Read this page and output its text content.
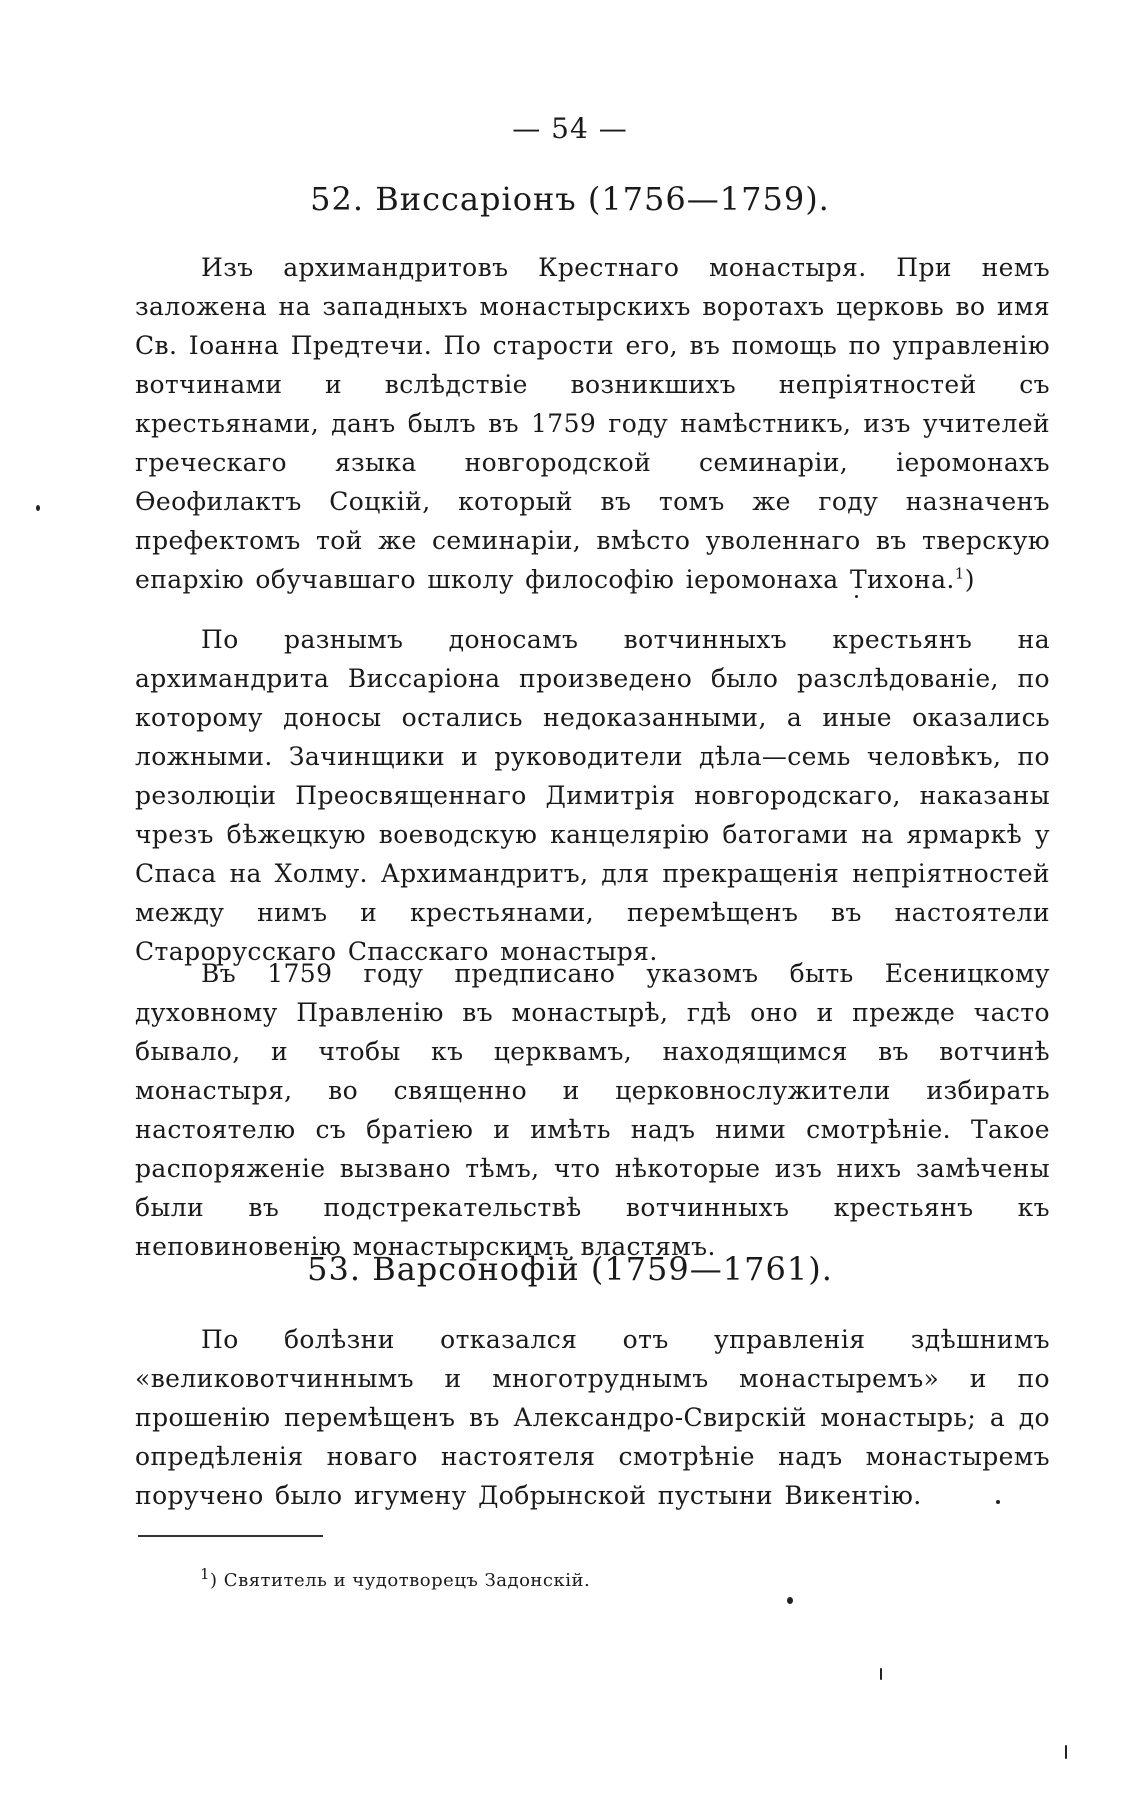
— 54 —
52. Виссаріонъ (1756—1759).

Изъ архимандритовъ Крестнаго монастыря. При немъ заложена на западныхъ монастырскихъ воротахъ церковь во имя Св. Іоанна Предтечи. По старости его, въ помощь по управленію вотчинами и вслѣдствіе возникшихъ непріятностей съ крестьянами, данъ былъ въ 1759 году намѣстникъ, изъ учителей греческаго языка новгородской семинаріи, іеромонахъ Ѳеофилактъ Соцкій, который въ томъ же году назначенъ префектомъ той же семинаріи, вмѣсто уволеннаго въ тверскую епархію обучавшаго школу философію іеромонаха Тихона.$^1$)

По разнымъ доносамъ вотчинныхъ крестьянъ на архимандрита Виссаріона произведено было разслѣдованіе, по которому доносы остались недоказанными, а иные оказались ложными. Зачинщики и руководители дѣла—семь человѣкъ, по резолюціи Преосвященнаго Димитрія новгородскаго, наказаны чрезъ бѣжецкую воеводскую канцелярію батогами на ярмаркѣ у Спаса на Холму. Архимандритъ, для прекращенія непріятностей между нимъ и крестьянами, перемѣщенъ въ настоятели Старорусскаго Спасскаго монастыря.

Въ 1759 году предписано указомъ быть Есеницкому духовному Правленію въ монастырѣ, гдѣ оно и прежде часто бывало, и чтобы къ церквамъ, находящимся въ вотчинѣ монастыря, во священно и церковнослужители избирать настоятелю съ братіею и имѣть надъ ними смотрѣніе. Такое распоряженіе вызвано тѣмъ, что нѣкоторые изъ нихъ замѣчены были въ подстрекательствѣ вотчинныхъ крестьянъ къ неповиновенію монастырскимъ властямъ.

53. Варсонофій (1759—1761).

По болѣзни отказался отъ управленія здѣшнимъ «великовотчиннымъ и многотруднымъ монастыремъ» и по прошенію перемѣщенъ въ Александро-Свирскій монастырь; а до опредѣленія новаго настоятеля смотрѣніе надъ монастыремъ поручено было игумену Добрынской пустыни Викентію.

$^1$) Святитель и чудотворецъ Задонскій.
